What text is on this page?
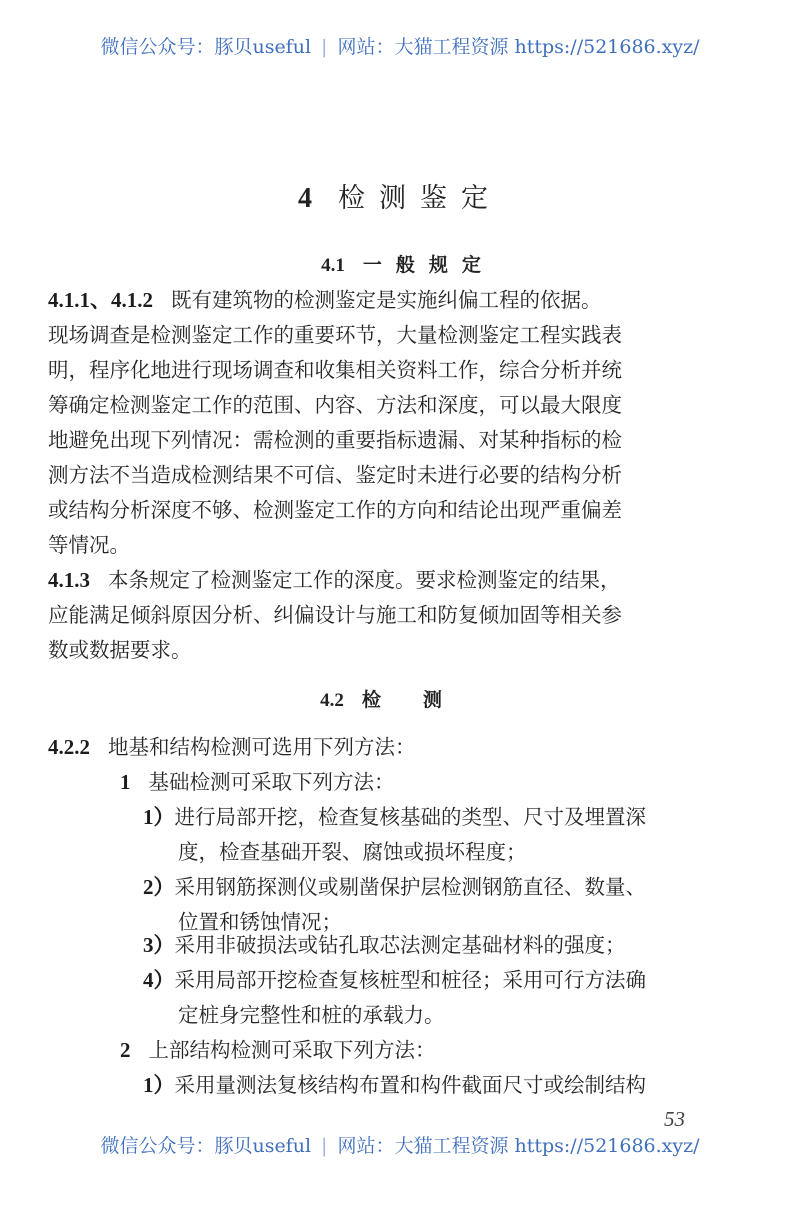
微信公众号：豚贝useful | 网站：大猫工程资源 https://521686.xyz/
4 检测鉴定
4.1 一般规定
4.1.1、4.1.2 既有建筑物的检测鉴定是实施纠偏工程的依据。
现场调查是检测鉴定工作的重要环节，大量检测鉴定工程实践表
明，程序化地进行现场调查和收集相关资料工作，综合分析并统
筹确定检测鉴定工作的范围、内容、方法和深度，可以最大限度
地避免出现下列情况：需检测的重要指标遗漏、对某种指标的检
测方法不当造成检测结果不可信、鉴定时未进行必要的结构分析
或结构分析深度不够、检测鉴定工作的方向和结论出现严重偏差
等情况。
4.1.3 本条规定了检测鉴定工作的深度。要求检测鉴定的结果，
应能满足倾斜原因分析、纠偏设计与施工和防复倾加固等相关参
数或数据要求。
4.2 检测
4.2.2 地基和结构检测可选用下列方法：
1 基础检测可采取下列方法：
1）进行局部开挖，检查复核基础的类型、尺寸及埋置深
度，检查基础开裂、腐蚀或损坏程度；
2）采用钢筋探测仪或剔凿保护层检测钢筋直径、数量、
位置和锈蚀情况；
3）采用非破损法或钻孔取芯法测定基础材料的强度；
4）采用局部开挖检查复核桩型和桩径；采用可行方法确
定桩身完整性和桩的承载力。
2 上部结构检测可采取下列方法：
1）采用量测法复核结构布置和构件截面尺寸或绘制结构
53
微信公众号：豚贝useful | 网站：大猫工程资源 https://521686.xyz/
